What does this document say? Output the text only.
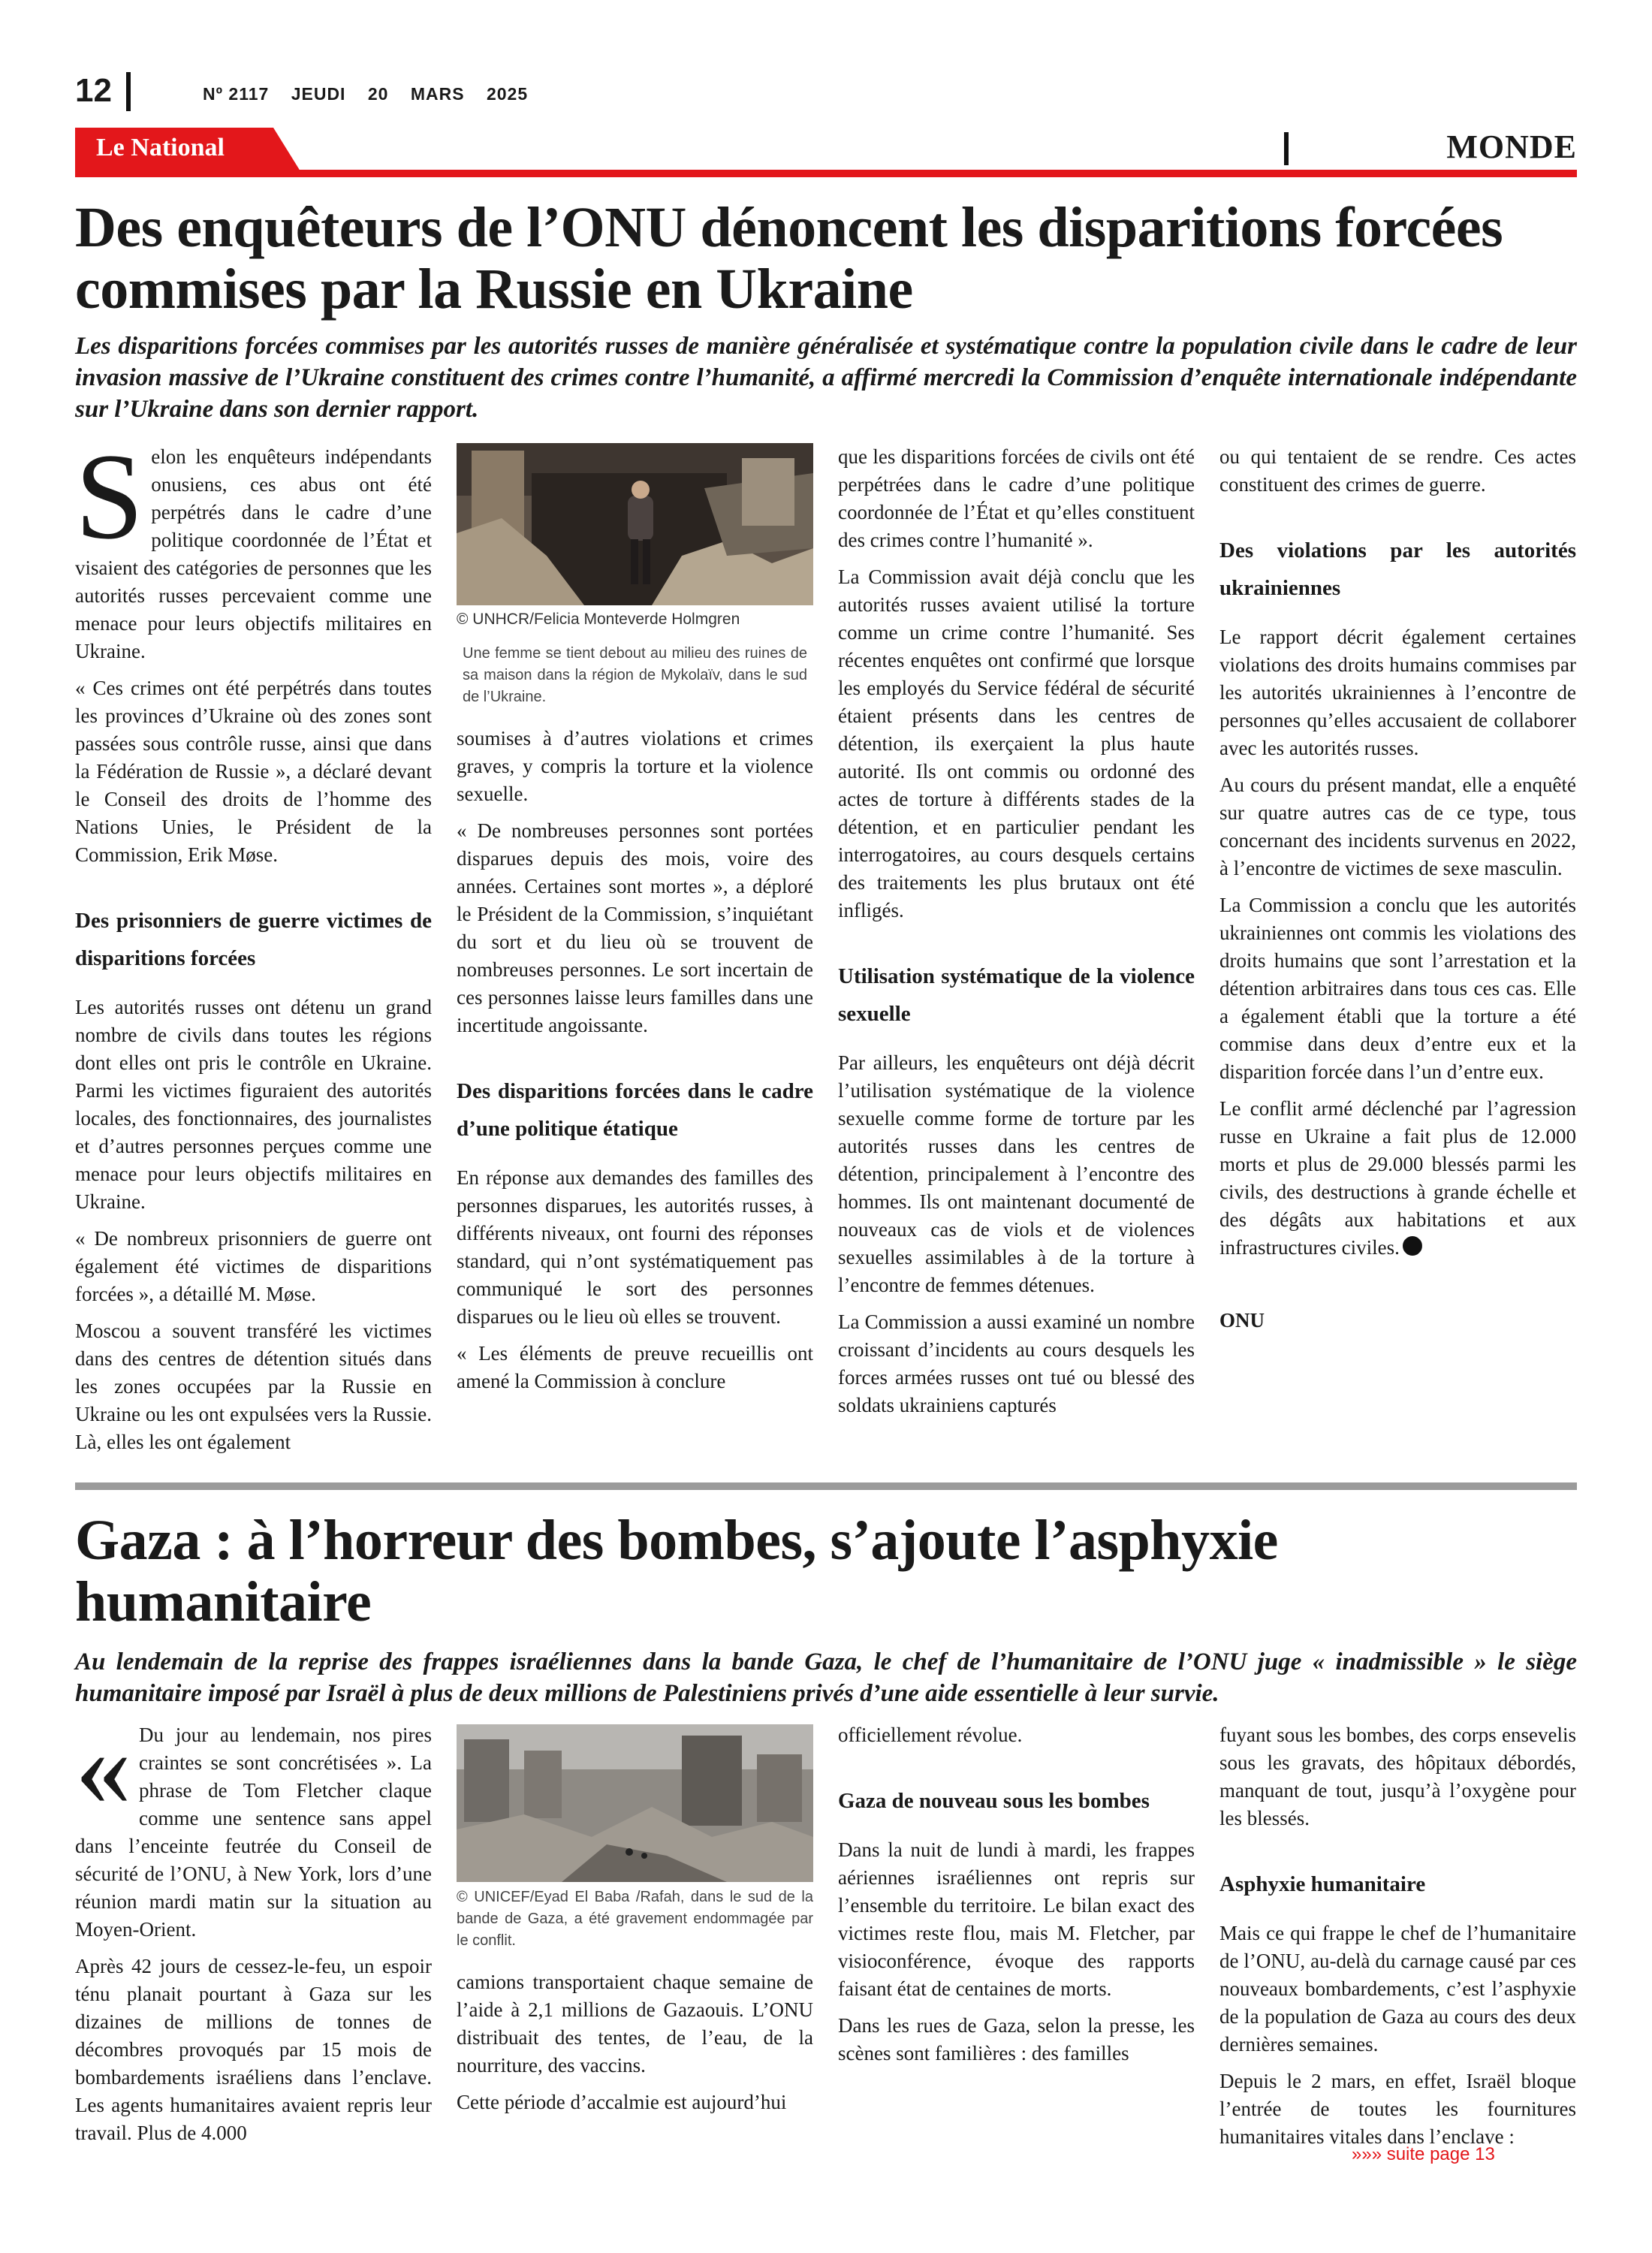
12	Nº 2117 JEUDI 20 MARS 2025
Le National	MONDE
Des enquêteurs de l’ONU dénoncent les disparitions forcées commises par la Russie en Ukraine
Les disparitions forcées commises par les autorités russes de manière généralisée et systématique contre la population civile dans le cadre de leur invasion massive de l’Ukraine constituent des crimes contre l’humanité, a affirmé mercredi la Commission d’enquête internationale indépendante sur l’Ukraine dans son dernier rapport.

Selon les enquêteurs indépendants onusiens, ces abus ont été perpétrés dans le cadre d’une politique coordonnée de l’État et visaient des catégories de personnes que les autorités russes percevaient comme une menace pour leurs objectifs militaires en Ukraine.

« Ces crimes ont été perpétrés dans toutes les provinces d’Ukraine où des zones sont passées sous contrôle russe, ainsi que dans la Fédération de Russie », a déclaré devant le Conseil des droits de l’homme des Nations Unies, le Président de la Commission, Erik Møse.

Des prisonniers de guerre victimes de disparitions forcées

Les autorités russes ont détenu un grand nombre de civils dans toutes les régions dont elles ont pris le contrôle en Ukraine. Parmi les victimes figuraient des autorités locales, des fonctionnaires, des journalistes et d’autres personnes perçues comme une menace pour leurs objectifs militaires en Ukraine.

« De nombreux prisonniers de guerre ont également été victimes de disparitions forcées », a détaillé M. Møse.

Moscou a souvent transféré les victimes dans des centres de détention situés dans les zones occupées par la Russie en Ukraine ou les ont expulsées vers la Russie. Là, elles les ont également

© UNHCR/Felicia Monteverde Holmgren
Une femme se tient debout au milieu des ruines de sa maison dans la région de Mykolaïv, dans le sud de l’Ukraine.

soumises à d’autres violations et crimes graves, y compris la torture et la violence sexuelle.

« De nombreuses personnes sont portées disparues depuis des mois, voire des années. Certaines sont mortes », a déploré le Président de la Commission, s’inquiétant du sort et du lieu où se trouvent de nombreuses personnes. Le sort incertain de ces personnes laisse leurs familles dans une incertitude angoissante.

Des disparitions forcées dans le cadre d’une politique étatique

En réponse aux demandes des familles des personnes disparues, les autorités russes, à différents niveaux, ont fourni des réponses standard, qui n’ont systématiquement pas communiqué le sort des personnes disparues ou le lieu où elles se trouvent.

« Les éléments de preuve recueillis ont amené la Commission à conclure

que les disparitions forcées de civils ont été perpétrées dans le cadre d’une politique coordonnée de l’État et qu’elles constituent des crimes contre l’humanité ».

La Commission avait déjà conclu que les autorités russes avaient utilisé la torture comme un crime contre l’humanité. Ses récentes enquêtes ont confirmé que lorsque les employés du Service fédéral de sécurité étaient présents dans les centres de détention, ils exerçaient la plus haute autorité. Ils ont commis ou ordonné des actes de torture à différents stades de la détention, et en particulier pendant les interrogatoires, au cours desquels certains des traitements les plus brutaux ont été infligés.

Utilisation systématique de la violence sexuelle

Par ailleurs, les enquêteurs ont déjà décrit l’utilisation systématique de la violence sexuelle comme forme de torture par les autorités russes dans les centres de détention, principalement à l’encontre des hommes. Ils ont maintenant documenté de nouveaux cas de viols et de violences sexuelles assimilables à de la torture à l’encontre de femmes détenues.

La Commission a aussi examiné un nombre croissant d’incidents au cours desquels les forces armées russes ont tué ou blessé des soldats ukrainiens capturés

ou qui tentaient de se rendre. Ces actes constituent des crimes de guerre.

Des violations par les autorités ukrainiennes

Le rapport décrit également certaines violations des droits humains commises par les autorités ukrainiennes à l’encontre de personnes qu’elles accusaient de collaborer avec les autorités russes.

Au cours du présent mandat, elle a enquêté sur quatre autres cas de ce type, tous concernant des incidents survenus en 2022, à l’encontre de victimes de sexe masculin.

La Commission a conclu que les autorités ukrainiennes ont commis les violations des droits humains que sont l’arrestation et la détention arbitraires dans tous ces cas. Elle a également établi que la torture a été commise dans deux d’entre eux et la disparition forcée dans l’un d’entre eux.

Le conflit armé déclenché par l’agression russe en Ukraine a fait plus de 12.000 morts et plus de 29.000 blessés parmi les civils, des destructions à grande échelle et des dégâts aux habitations et aux infrastructures civiles.

ONU

Gaza : à l’horreur des bombes, s’ajoute l’asphyxie humanitaire
Au lendemain de la reprise des frappes israéliennes dans la bande Gaza, le chef de l’humanitaire de l’ONU juge « inadmissible » le siège humanitaire imposé par Israël à plus de deux millions de Palestiniens privés d’une aide essentielle à leur survie.

« Du jour au lendemain, nos pires craintes se sont concrétisées ». La phrase de Tom Fletcher claque comme une sentence sans appel dans l’enceinte feutrée du Conseil de sécurité de l’ONU, à New York, lors d’une réunion mardi matin sur la situation au Moyen-Orient.

Après 42 jours de cessez-le-feu, un espoir ténu planait pourtant à Gaza sur les dizaines de millions de tonnes de décombres provoqués par 15 mois de bombardements israéliens dans l’enclave. Les agents humanitaires avaient repris leur travail. Plus de 4.000

© UNICEF/Eyad El Baba /Rafah, dans le sud de la bande de Gaza, a été gravement endommagée par le conflit.

camions transportaient chaque semaine de l’aide à 2,1 millions de Gazaouis. L’ONU distribuait des tentes, de l’eau, de la nourriture, des vaccins.

Cette période d’accalmie est aujourd’hui

officiellement révolue.

Gaza de nouveau sous les bombes

Dans la nuit de lundi à mardi, les frappes aériennes israéliennes ont repris sur l’ensemble du territoire. Le bilan exact des victimes reste flou, mais M. Fletcher, par visioconférence, évoque des rapports faisant état de centaines de morts.

Dans les rues de Gaza, selon la presse, les scènes sont familières : des familles

fuyant sous les bombes, des corps ensevelis sous les gravats, des hôpitaux débordés, manquant de tout, jusqu’à l’oxygène pour les blessés.

Asphyxie humanitaire

Mais ce qui frappe le chef de l’humanitaire de l’ONU, au-delà du carnage causé par ces nouveaux bombardements, c’est l’asphyxie de la population de Gaza au cours des deux dernières semaines.

Depuis le 2 mars, en effet, Israël bloque l’entrée de toutes les fournitures humanitaires vitales dans l’enclave :

»»» suite page 13
